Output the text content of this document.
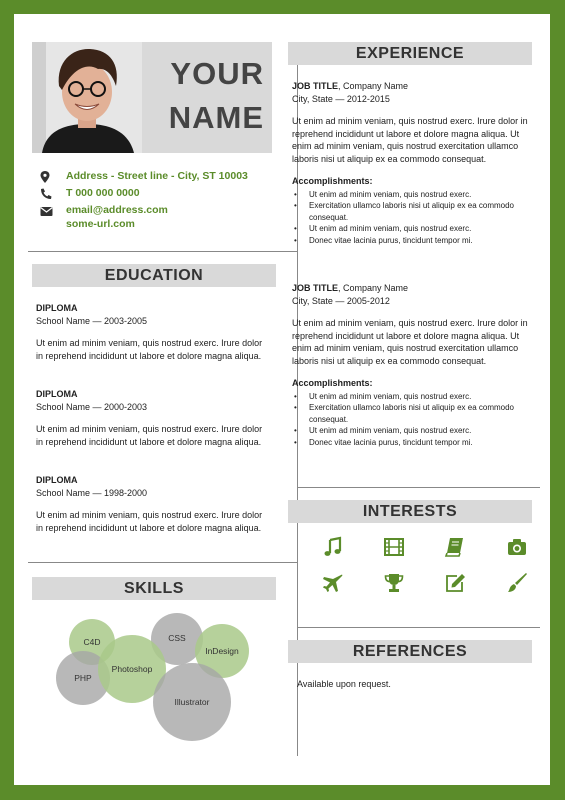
YOUR
NAME
Address - Street line - City, ST 10003
T 000 000 0000
email@address.com
some-url.com
EDUCATION
DIPLOMA
School Name — 2003-2005

Ut enim ad minim veniam, quis nostrud exerc. Irure dolor in reprehend incididunt ut labore et dolore magna aliqua.

DIPLOMA
School Name — 2000-2003

Ut enim ad minim veniam, quis nostrud exerc. Irure dolor in reprehend incididunt ut labore et dolore magna aliqua.

DIPLOMA
School Name — 1998-2000

Ut enim ad minim veniam, quis nostrud exerc. Irure dolor in reprehend incididunt ut labore et dolore magna aliqua.

SKILLS
C4D	CSS
InDesign
PHP
Photoshop
Illustrator
EXPERIENCE
JOB TITLE, Company Name
City, State — 2012-2015

Ut enim ad minim veniam, quis nostrud exerc. Irure dolor in reprehend incididunt ut labore et dolore magna aliqua. Ut enim ad minim veniam, quis nostrud exercitation ullamco laboris nisi ut aliquip ex ea commodo consequat.

Accomplishments:
• Ut enim ad minim veniam, quis nostrud exerc.
• Exercitation ullamco laboris nisi ut aliquip ex ea commodo consequat.
• Ut enim ad minim veniam, quis nostrud exerc.
• Donec vitae lacinia purus, tincidunt tempor mi.
JOB TITLE, Company Name
City, State — 2005-2012

Ut enim ad minim veniam, quis nostrud exerc. Irure dolor in reprehend incididunt ut labore et dolore magna aliqua. Ut enim ad minim veniam, quis nostrud exercitation ullamco laboris nisi ut aliquip ex ea commodo consequat.

Accomplishments:
• Ut enim ad minim veniam, quis nostrud exerc.
• Exercitation ullamco laboris nisi ut aliquip ex ea commodo consequat.
• Ut enim ad minim veniam, quis nostrud exerc.
• Donec vitae lacinia purus, tincidunt tempor mi.
INTERESTS
REFERENCES
Available upon request.
